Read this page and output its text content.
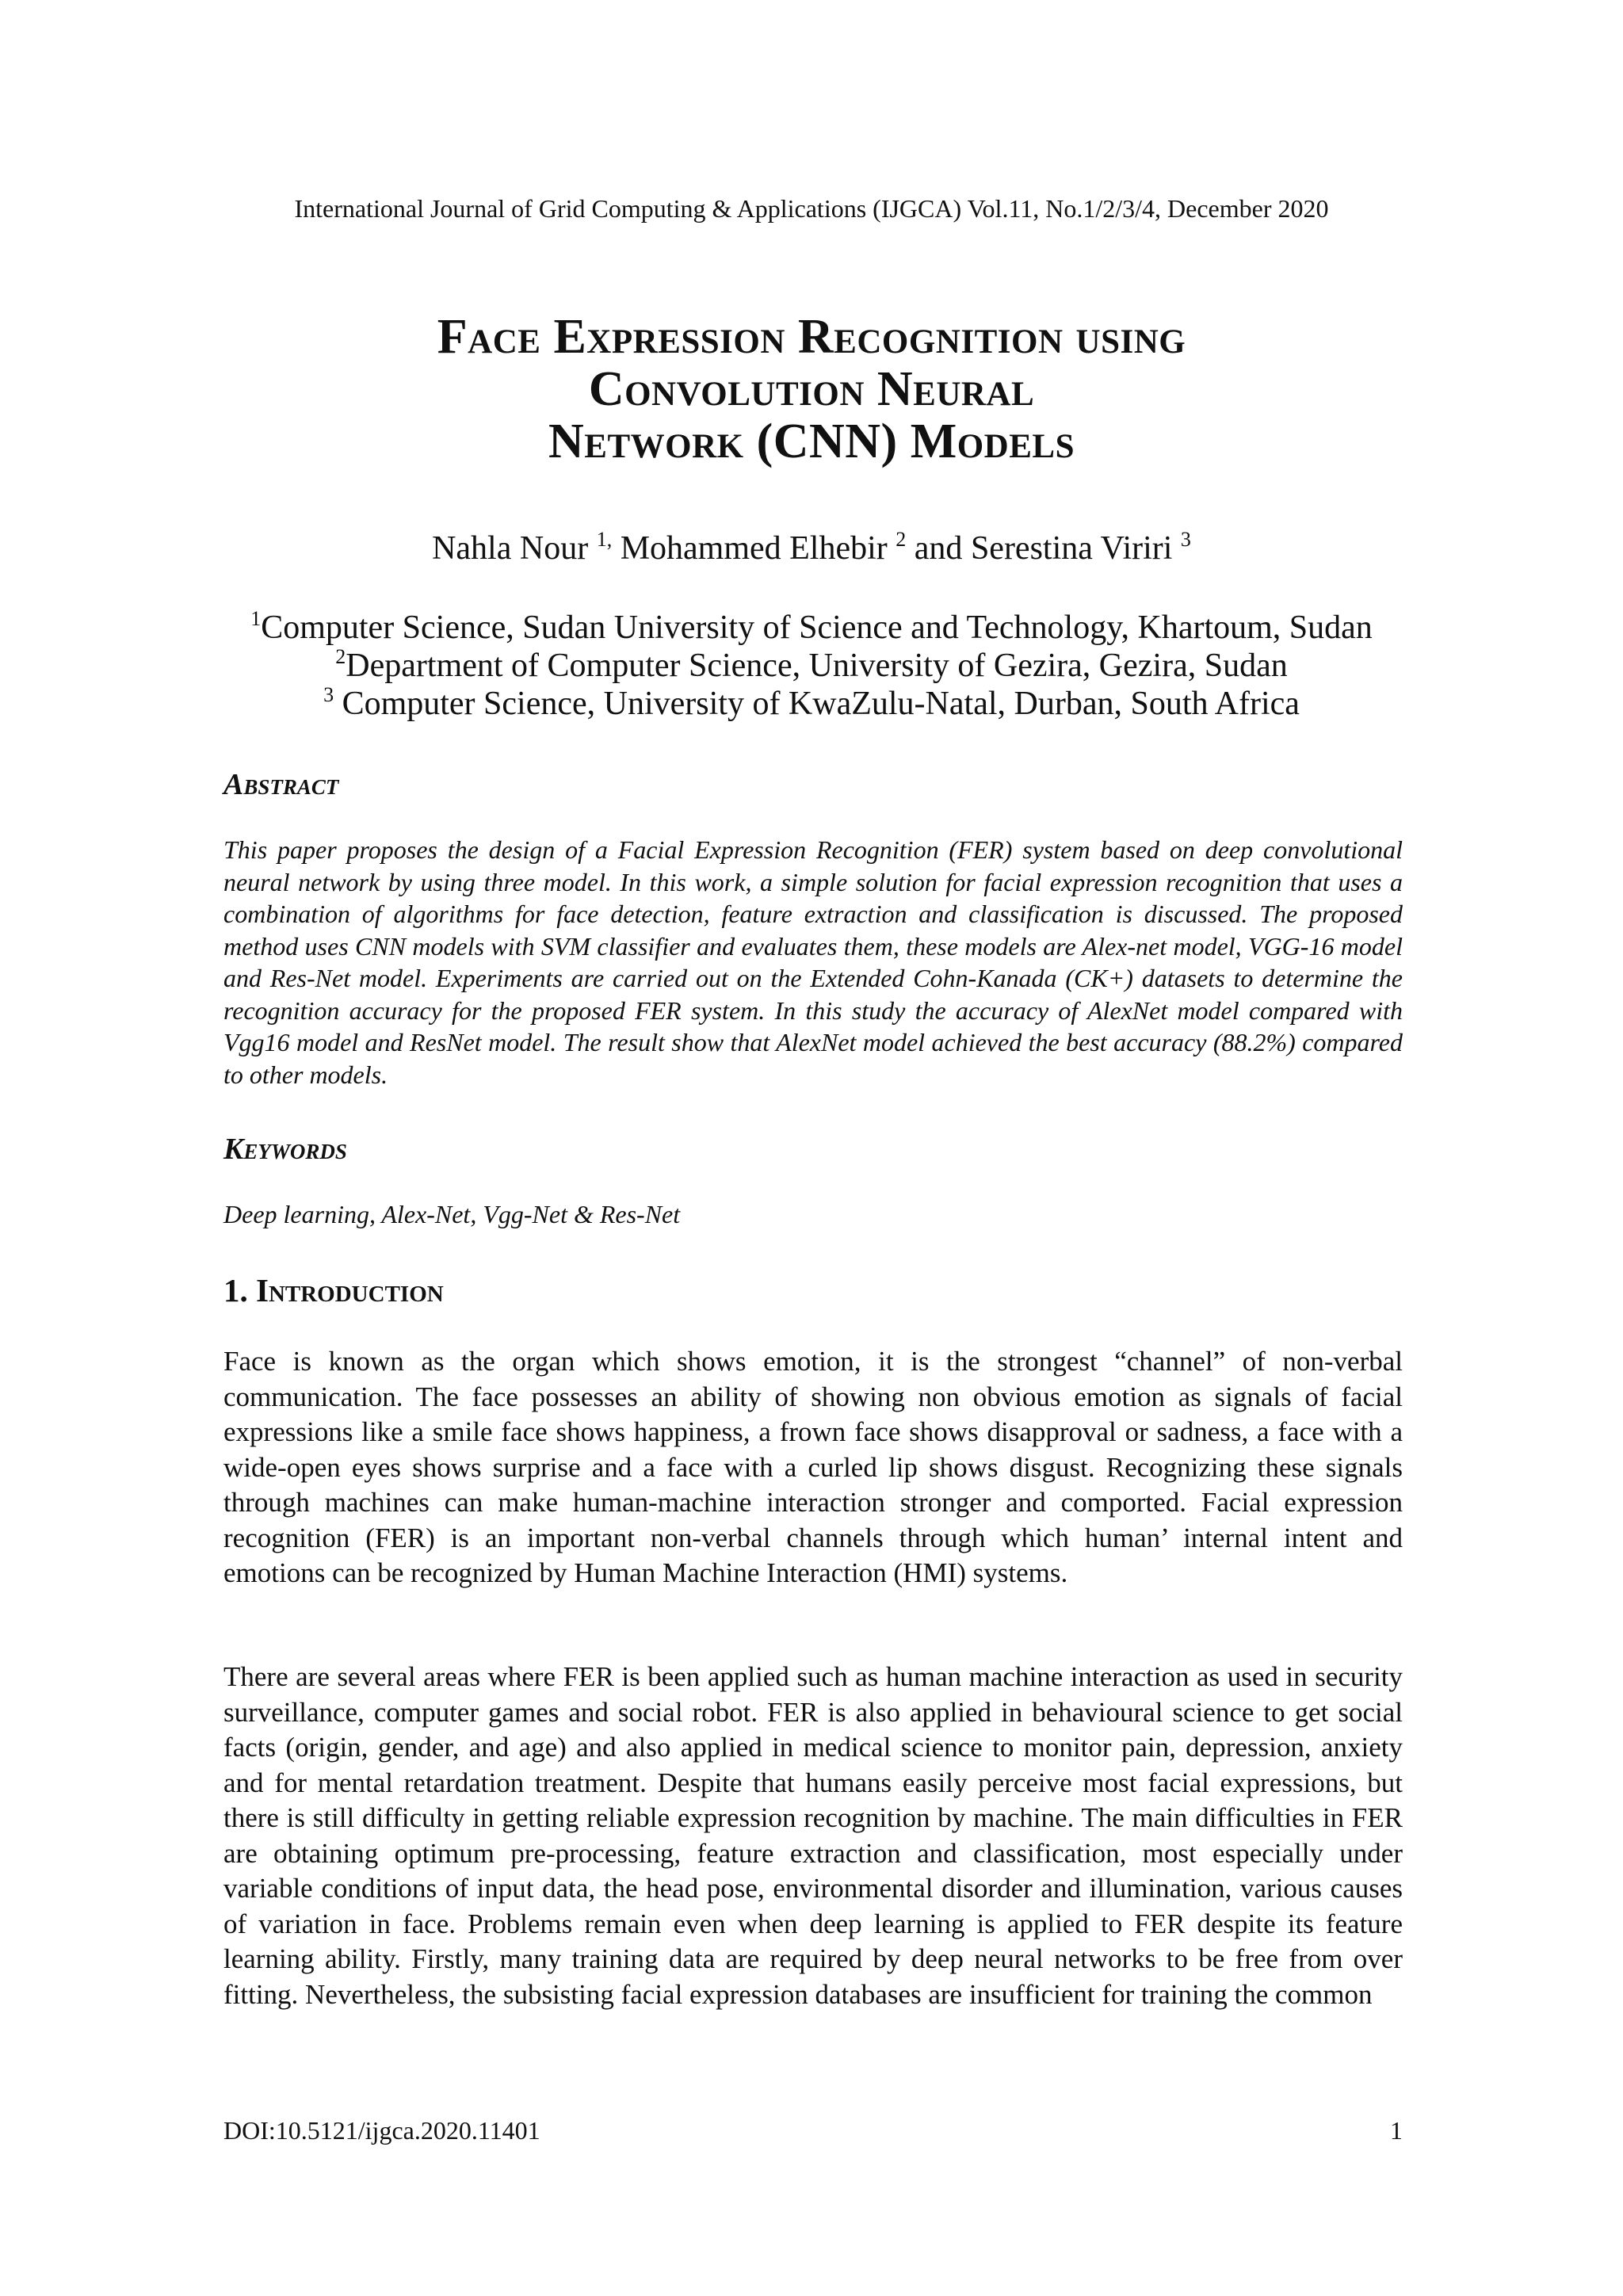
International Journal of Grid Computing & Applications (IJGCA) Vol.11, No.1/2/3/4, December 2020
Face Expression Recognition using
Convolution Neural
Network (CNN) Models
Nahla Nour $^{1,}$ Mohammed Elhebir $^2$ and Serestina Viriri $^3$
$^1$Computer Science, Sudan University of Science and Technology, Khartoum, Sudan
$^2$Department of Computer Science, University of Gezira, Gezira, Sudan
$^3$ Computer Science, University of KwaZulu-Natal, Durban, South Africa
Abstract
This paper proposes the design of a Facial Expression Recognition (FER) system based on deep convolutional neural network by using three model. In this work, a simple solution for facial expression recognition that uses a combination of algorithms for face detection, feature extraction and classification is discussed. The proposed method uses CNN models with SVM classifier and evaluates them, these models are Alex-net model, VGG-16 model and Res-Net model. Experiments are carried out on the Extended Cohn-Kanada (CK+) datasets to determine the recognition accuracy for the proposed FER system. In this study the accuracy of AlexNet model compared with Vgg16 model and ResNet model. The result show that AlexNet model achieved the best accuracy (88.2%) compared to other models.
Keywords
Deep learning, Alex-Net, Vgg-Net & Res-Net
1. Introduction
Face is known as the organ which shows emotion, it is the strongest “channel” of non-verbal communication. The face possesses an ability of showing non obvious emotion as signals of facial expressions like a smile face shows happiness, a frown face shows disapproval or sadness, a face with a wide-open eyes shows surprise and a face with a curled lip shows disgust. Recognizing these signals through machines can make human-machine interaction stronger and comported. Facial expression recognition (FER) is an important non-verbal channels through which human’ internal intent and emotions can be recognized by Human Machine Interaction (HMI) systems.
There are several areas where FER is been applied such as human machine interaction as used in security surveillance, computer games and social robot. FER is also applied in behavioural science to get social facts (origin, gender, and age) and also applied in medical science to monitor pain, depression, anxiety and for mental retardation treatment. Despite that humans easily perceive most facial expressions, but there is still difficulty in getting reliable expression recognition by machine. The main difficulties in FER are obtaining optimum pre-processing, feature extraction and classification, most especially under variable conditions of input data, the head pose, environmental disorder and illumination, various causes of variation in face. Problems remain even when deep learning is applied to FER despite its feature learning ability. Firstly, many training data are required by deep neural networks to be free from over fitting. Nevertheless, the subsisting facial expression databases are insufficient for training the common
DOI:10.5121/ijgca.2020.11401	1
